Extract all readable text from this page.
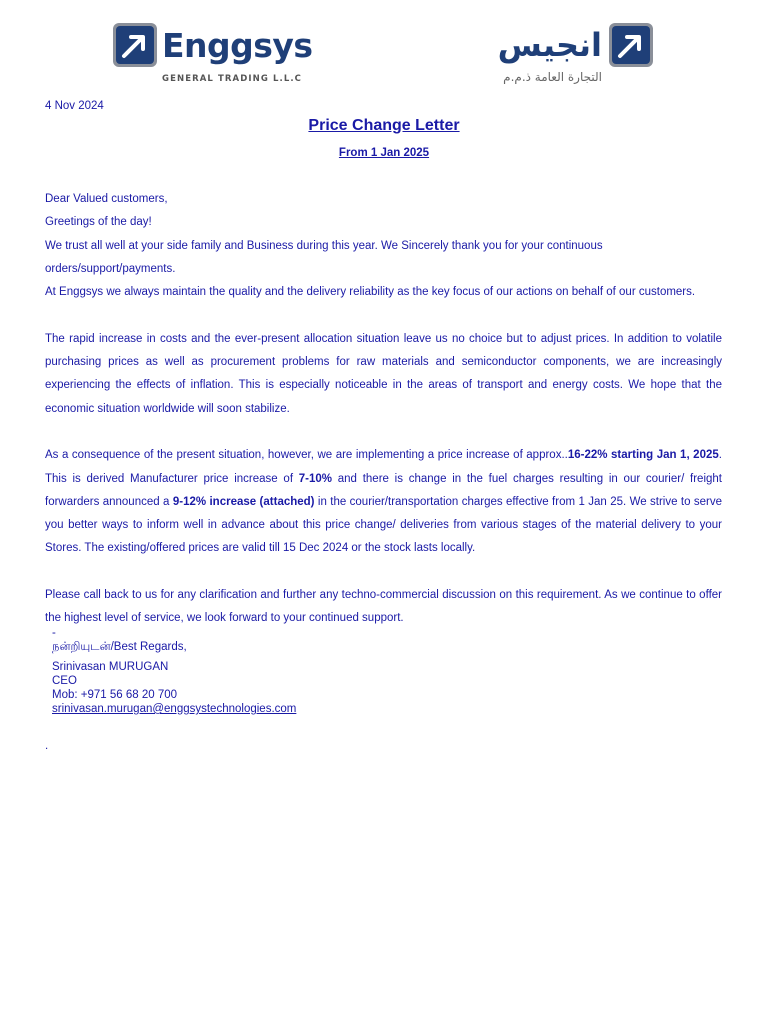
Enggsys
GENERAL TRADING L.L.C
انجيس
التجارة العامة ذ.م.م
4 Nov 2024
Price Change Letter
From 1 Jan 2025

Dear Valued customers,

Greetings of the day!

We trust all well at your side family and Business during this year. We Sincerely thank you for your continuous orders/support/payments.

At Enggsys we always maintain the quality and the delivery reliability as the key focus of our actions on behalf of our customers.

The rapid increase in costs and the ever-present allocation situation leave us no choice but to adjust prices. In addition to volatile purchasing prices as well as procurement problems for raw materials and semiconductor components, we are increasingly experiencing the effects of inflation. This is especially noticeable in the areas of transport and energy costs. We hope that the economic situation worldwide will soon stabilize.

As a consequence of the present situation, however, we are implementing a price increase of approx..16-22% starting Jan 1, 2025. This is derived Manufacturer price increase of 7-10% and there is change in the fuel charges resulting in our courier/ freight forwarders announced a 9-12% increase (attached) in the courier/transportation charges effective from 1 Jan 25. We strive to serve you better ways to inform well in advance about this price change/ deliveries from various stages of the material delivery to your Stores. The existing/offered prices are valid till 15 Dec 2024 or the stock lasts locally.

Please call back to us for any clarification and further any techno-commercial discussion on this requirement. As we continue to offer the highest level of service, we look forward to your continued support.

-
நன்றியுடன்/Best Regards,
Srinivasan MURUGAN
CEO
Mob: +971 56 68 20 700
srinivasan.murugan@enggsystechnologies.com
.
